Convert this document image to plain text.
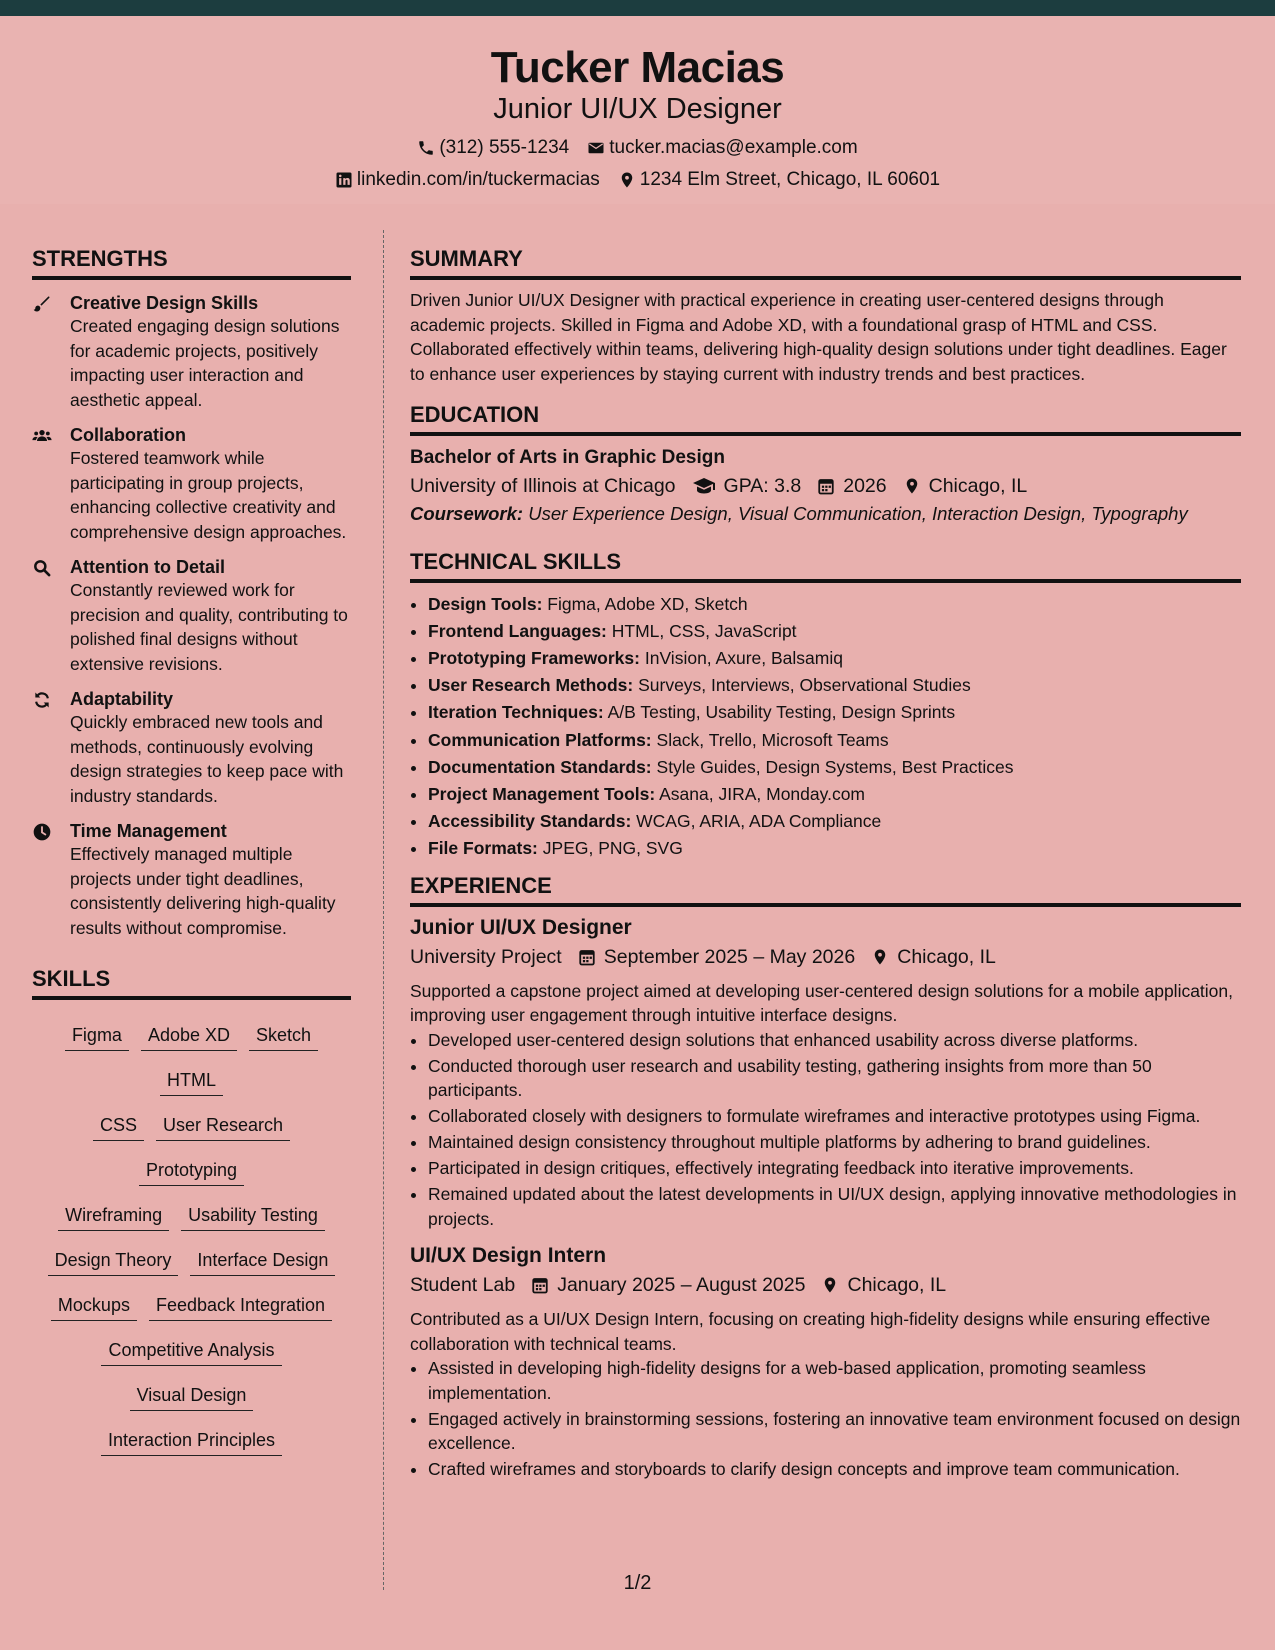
Tucker Macias
Junior UI/UX Designer
(312) 555-1234 tucker.macias@example.com
linkedin.com/in/tuckermacias 1234 Elm Street, Chicago, IL 60601
STRENGTHS
Creative Design Skills
Created engaging design solutions for academic projects, positively impacting user interaction and aesthetic appeal.
Collaboration
Fostered teamwork while participating in group projects, enhancing collective creativity and comprehensive design approaches.
Attention to Detail
Constantly reviewed work for precision and quality, contributing to polished final designs without extensive revisions.
Adaptability
Quickly embraced new tools and methods, continuously evolving design strategies to keep pace with industry standards.
Time Management
Effectively managed multiple projects under tight deadlines, consistently delivering high-quality results without compromise.
SKILLS
Figma Adobe XD SketchHTML
CSS User ResearchPrototyping
Wireframing Usability Testing
Design Theory Interface Design
Mockups Feedback Integration
Competitive Analysis
Visual Design
Interaction Principles
SUMMARY
Driven Junior UI/UX Designer with practical experience in creating user-centered designs through academic projects. Skilled in Figma and Adobe XD, with a foundational grasp of HTML and CSS. Collaborated effectively within teams, delivering high-quality design solutions under tight deadlines. Eager to enhance user experiences by staying current with industry trends and best practices.
EDUCATION
Bachelor of Arts in Graphic Design
University of Illinois at Chicago GPA: 3.8 2026 Chicago, IL
Coursework: User Experience Design, Visual Communication, Interaction Design, Typography
TECHNICAL SKILLS
• Design Tools: Figma, Adobe XD, Sketch
• Frontend Languages: HTML, CSS, JavaScript
• Prototyping Frameworks: InVision, Axure, Balsamiq
• User Research Methods: Surveys, Interviews, Observational Studies
• Iteration Techniques: A/B Testing, Usability Testing, Design Sprints
• Communication Platforms: Slack, Trello, Microsoft Teams
• Documentation Standards: Style Guides, Design Systems, Best Practices
• Project Management Tools: Asana, JIRA, Monday.com
• Accessibility Standards: WCAG, ARIA, ADA Compliance
• File Formats: JPEG, PNG, SVG
EXPERIENCE
Junior UI/UX Designer
University Project September 2025 – May 2026 Chicago, IL
Supported a capstone project aimed at developing user-centered design solutions for a mobile application, improving user engagement through intuitive interface designs.
• Developed user-centered design solutions that enhanced usability across diverse platforms.
• Conducted thorough user research and usability testing, gathering insights from more than 50 participants.
• Collaborated closely with designers to formulate wireframes and interactive prototypes using Figma.
• Maintained design consistency throughout multiple platforms by adhering to brand guidelines.
• Participated in design critiques, effectively integrating feedback into iterative improvements.
• Remained updated about the latest developments in UI/UX design, applying innovative methodologies in projects.
UI/UX Design Intern
Student Lab January 2025 – August 2025 Chicago, IL
Contributed as a UI/UX Design Intern, focusing on creating high-fidelity designs while ensuring effective collaboration with technical teams.
• Assisted in developing high-fidelity designs for a web-based application, promoting seamless implementation.
• Engaged actively in brainstorming sessions, fostering an innovative team environment focused on design excellence.
• Crafted wireframes and storyboards to clarify design concepts and improve team communication.
1/2
